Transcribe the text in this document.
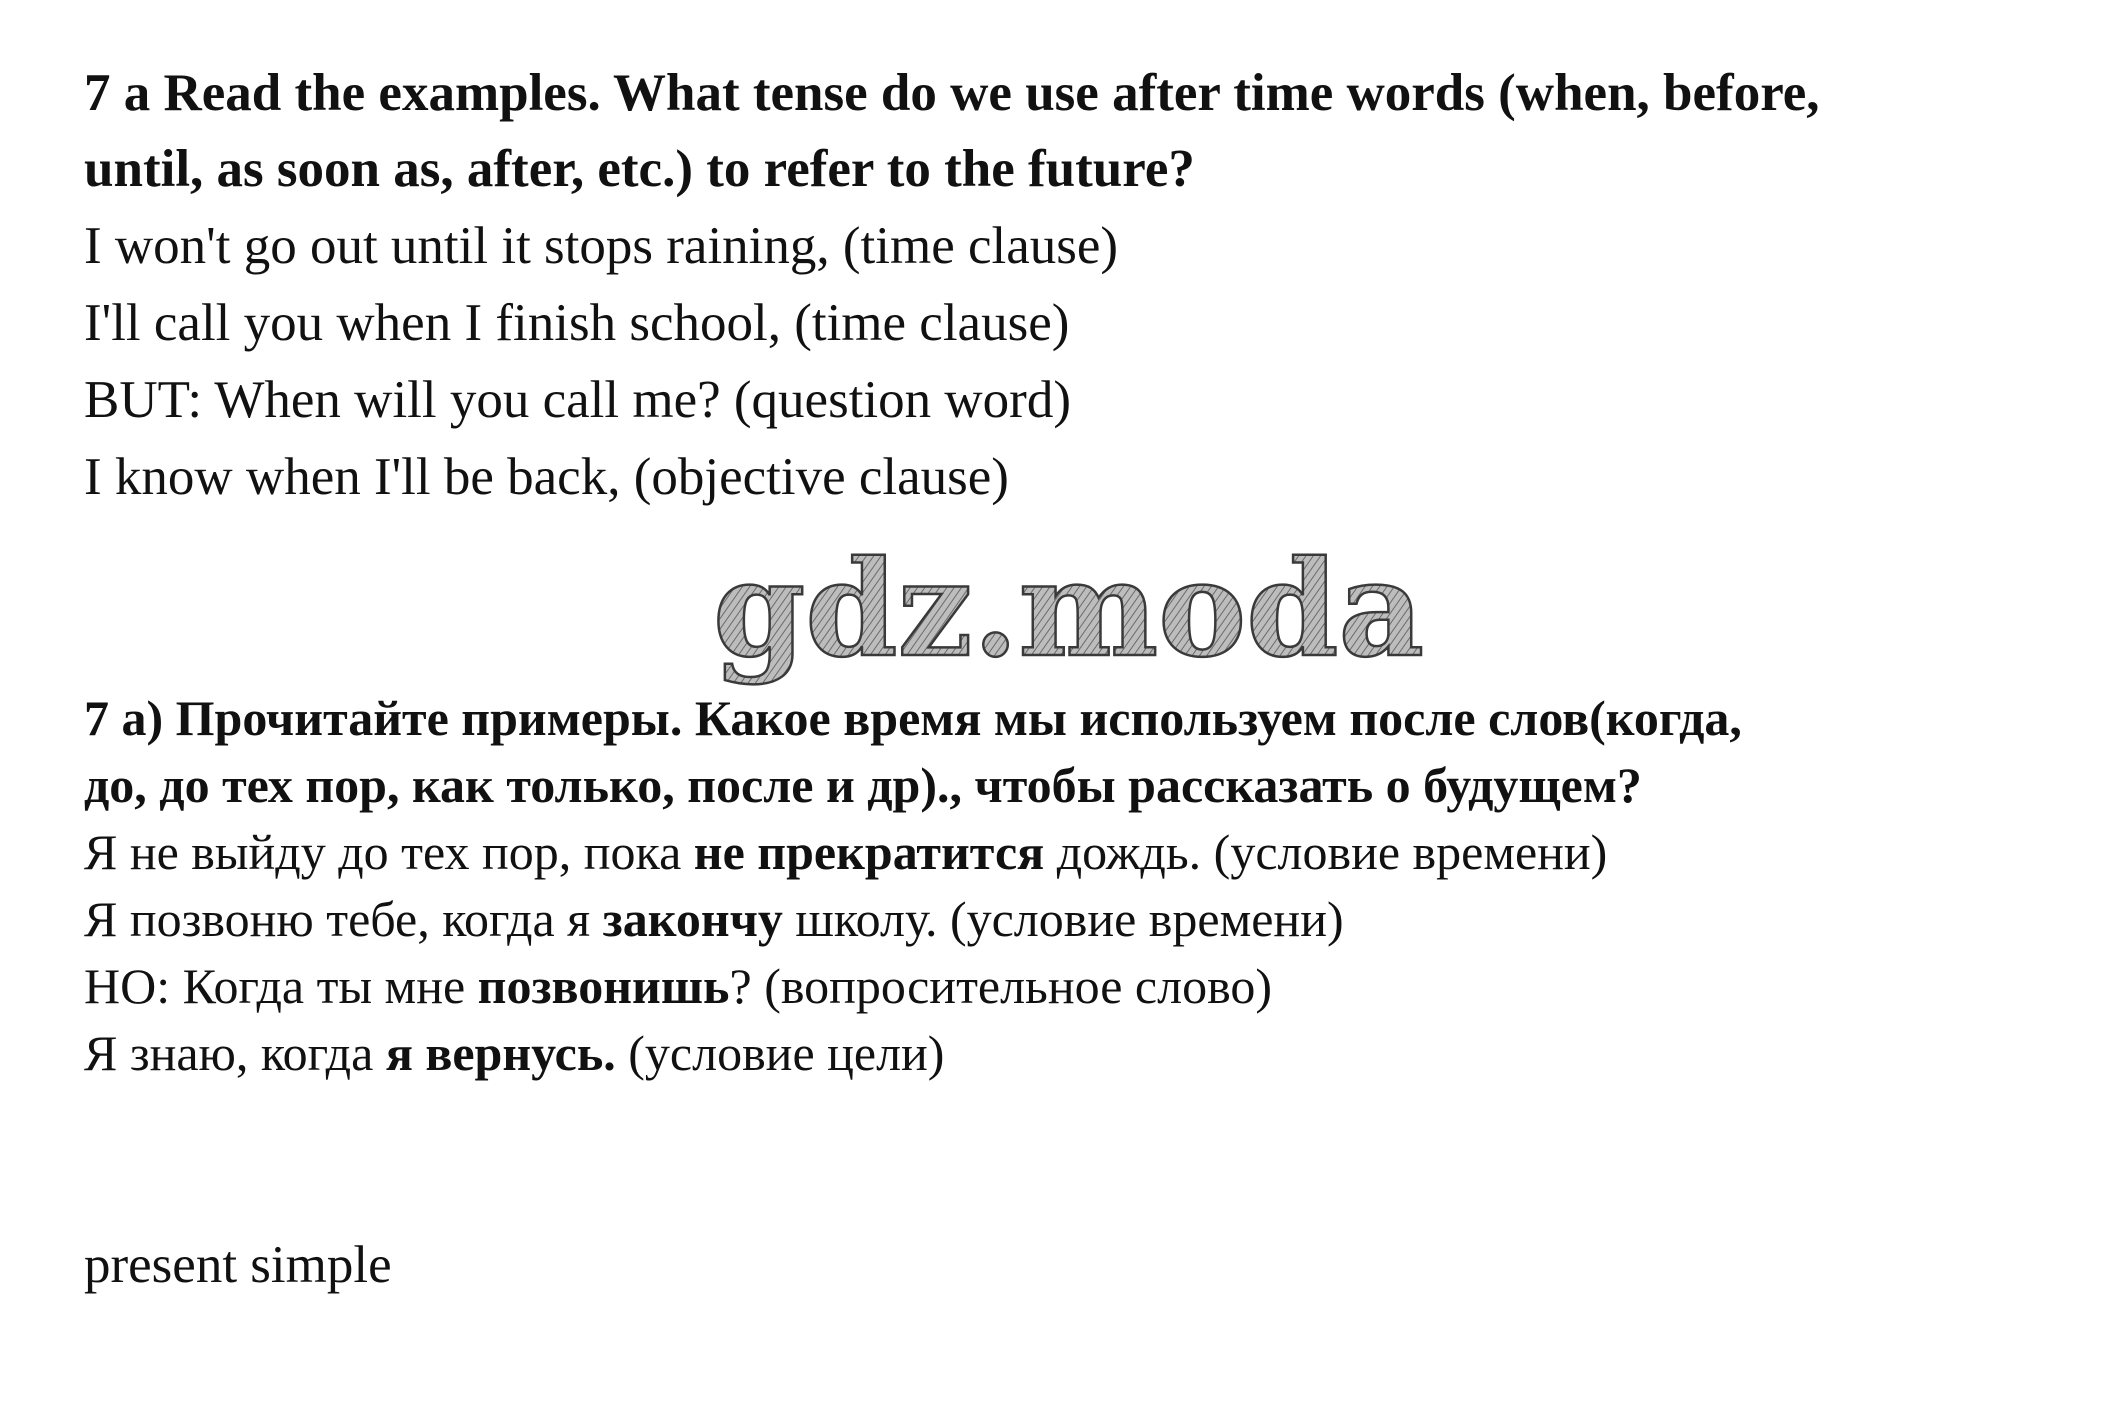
7 a Read the examples. What tense do we use after time words (when, before,
until, as soon as, after, etc.) to refer to the future?
I won't go out until it stops raining, (time clause)
I'll call you when I finish school, (time clause)
BUT: When will you call me? (question word)
I know when I'll be back, (objective clause)
gdz.moda
7 а) Прочитайте примеры. Какое время мы используем после слов(когда,
до, до тех пор, как только, после и др)., чтобы рассказать о будущем?
Я не выйду до тех пор, пока не прекратится дождь. (условие времени)
Я позвоню тебе, когда я закончу школу. (условие времени)
НО: Когда ты мне позвонишь? (вопросительное слово)
Я знаю, когда я вернусь. (условие цели)
present simple
